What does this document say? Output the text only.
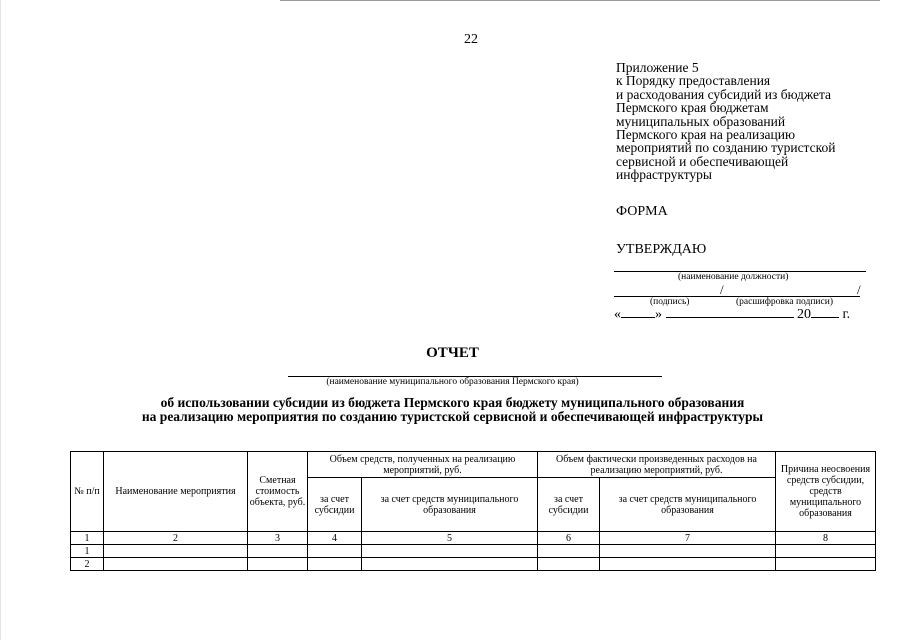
22
Приложение 5
к Порядку предоставления
и расходования субсидий из бюджета
Пермского края бюджетам
муниципальных образований
Пермского края на реализацию
мероприятий по созданию туристской
сервисной и обеспечивающей
инфраструктуры
ФОРМА
УТВЕРЖДАЮ
(наименование должности)
/	/
(подпись)	(расшифровка подписи)
« »	20 г.
ОТЧЕТ
(наименование муниципального образования Пермского края)
об использовании субсидии из бюджета Пермского края бюджету муниципального образования
на реализацию мероприятия по созданию туристской сервисной и обеспечивающей инфраструктуры
№ п/п	Наименование мероприятия	Сметная стоимость объекта, руб.	Объем средств, полученных на реализацию мероприятий, руб.		Объем фактически произведенных расходов на реализацию мероприятий, руб.		Причина неосвоения средств субсидии, средств муниципального образования
			за счет субсидии	за счет средств муниципального образования	за счет субсидии	за счет средств муниципального образования	
1	2	3	4	5	6	7	8
1							
2							
